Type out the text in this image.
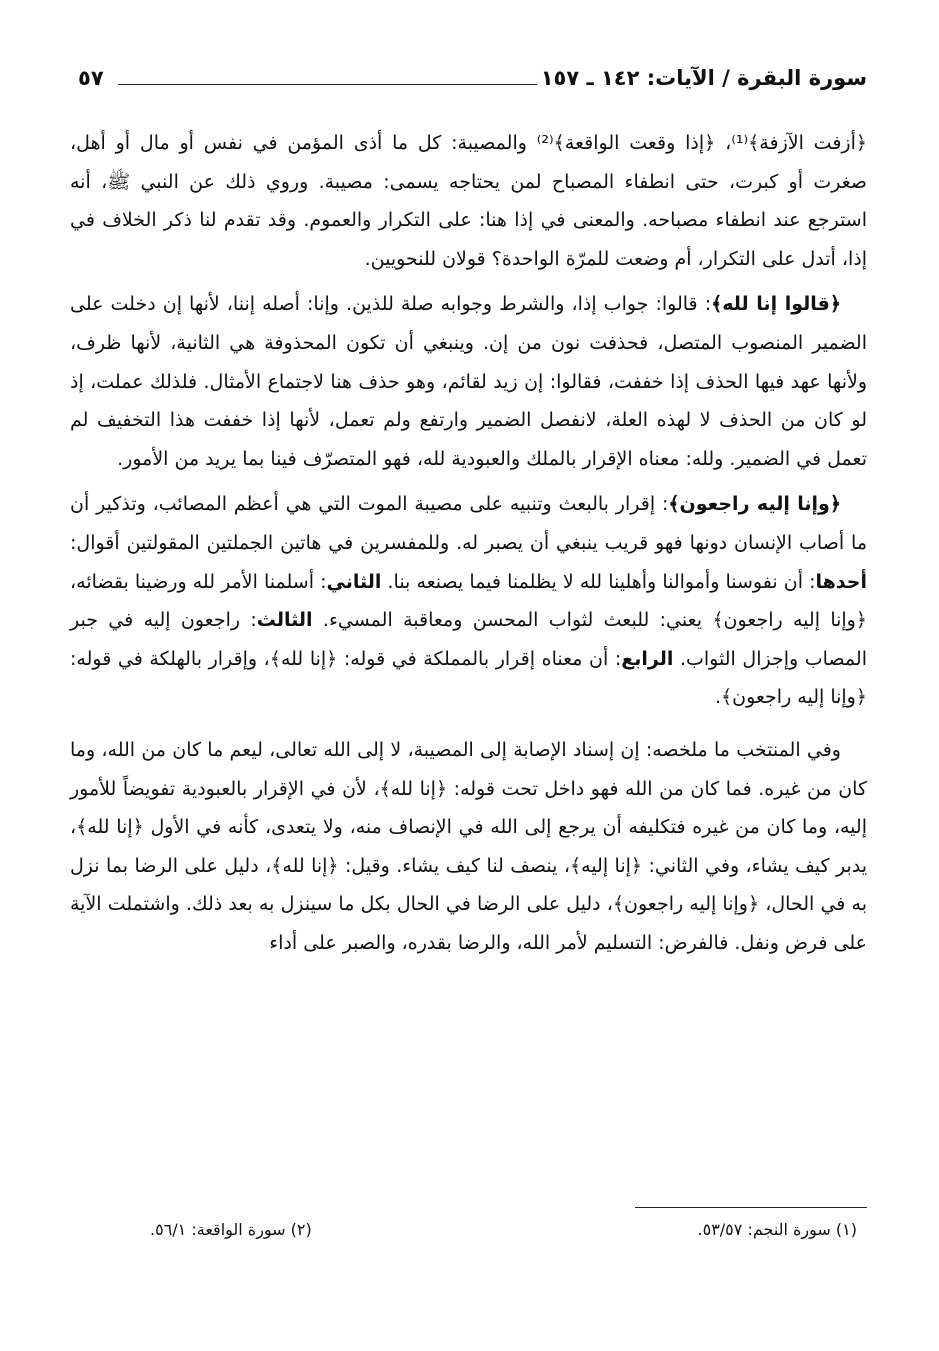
سورة البقرة / الآيات: ١٤٢ ـ ١٥٧
٥٧

﴿أزفت الآزفة﴾⁽¹⁾، ﴿إذا وقعت الواقعة﴾⁽²⁾ والمصيبة: كل ما أذى المؤمن في نفس أو مال أو أهل، صغرت أو كبرت، حتى انطفاء المصباح لمن يحتاجه يسمى: مصيبة. وروي ذلك عن النبي ﷺ، أنه استرجع عند انطفاء مصباحه. والمعنى في إذا هنا: على التكرار والعموم. وقد تقدم لنا ذكر الخلاف في إذا، أتدل على التكرار، أم وضعت للمرّة الواحدة؟ قولان للنحويين.

﴿قالوا إنا لله﴾: قالوا: جواب إذا، والشرط وجوابه صلة للذين. وإنا: أصله إننا، لأنها إن دخلت على الضمير المنصوب المتصل، فحذفت نون من إن. وينبغي أن تكون المحذوفة هي الثانية، لأنها ظرف، ولأنها عهد فيها الحذف إذا خففت، فقالوا: إن زيد لقائم، وهو حذف هنا لاجتماع الأمثال. فلذلك عملت، إذ لو كان من الحذف لا لهذه العلة، لانفصل الضمير وارتفع ولم تعمل، لأنها إذا خففت هذا التخفيف لم تعمل في الضمير. ولله: معناه الإقرار بالملك والعبودية لله، فهو المتصرّف فينا بما يريد من الأمور.

﴿وإنا إليه راجعون﴾: إقرار بالبعث وتنبيه على مصيبة الموت التي هي أعظم المصائب، وتذكير أن ما أصاب الإنسان دونها فهو قريب ينبغي أن يصبر له. وللمفسرين في هاتين الجملتين المقولتين أقوال: أحدها: أن نفوسنا وأموالنا وأهلينا لله لا يظلمنا فيما يصنعه بنا. الثاني: أسلمنا الأمر لله ورضينا بقضائه، ﴿وإنا إليه راجعون﴾ يعني: للبعث لثواب المحسن ومعاقبة المسيء. الثالث: راجعون إليه في جبر المصاب وإجزال الثواب. الرابع: أن معناه إقرار بالمملكة في قوله: ﴿إنا لله﴾، وإقرار بالهلكة في قوله: ﴿وإنا إليه راجعون﴾.

وفي المنتخب ما ملخصه: إن إسناد الإصابة إلى المصيبة، لا إلى الله تعالى، ليعم ما كان من الله، وما كان من غيره. فما كان من الله فهو داخل تحت قوله: ﴿إنا لله﴾، لأن في الإقرار بالعبودية تفويضاً للأمور إليه، وما كان من غيره فتكليفه أن يرجع إلى الله في الإنصاف منه، ولا يتعدى، كأنه في الأول ﴿إنا لله﴾، يدبر كيف يشاء، وفي الثاني: ﴿إنا إليه﴾، ينصف لنا كيف يشاء. وقيل: ﴿إنا لله﴾، دليل على الرضا بما نزل به في الحال، ﴿وإنا إليه راجعون﴾، دليل على الرضا في الحال بكل ما سينزل به بعد ذلك. واشتملت الآية على فرض ونفل. فالفرض: التسليم لأمر الله، والرضا بقدره، والصبر على أداء

(١) سورة النجم: ٥٣/٥٧.
(٢) سورة الواقعة: ٥٦/١.
